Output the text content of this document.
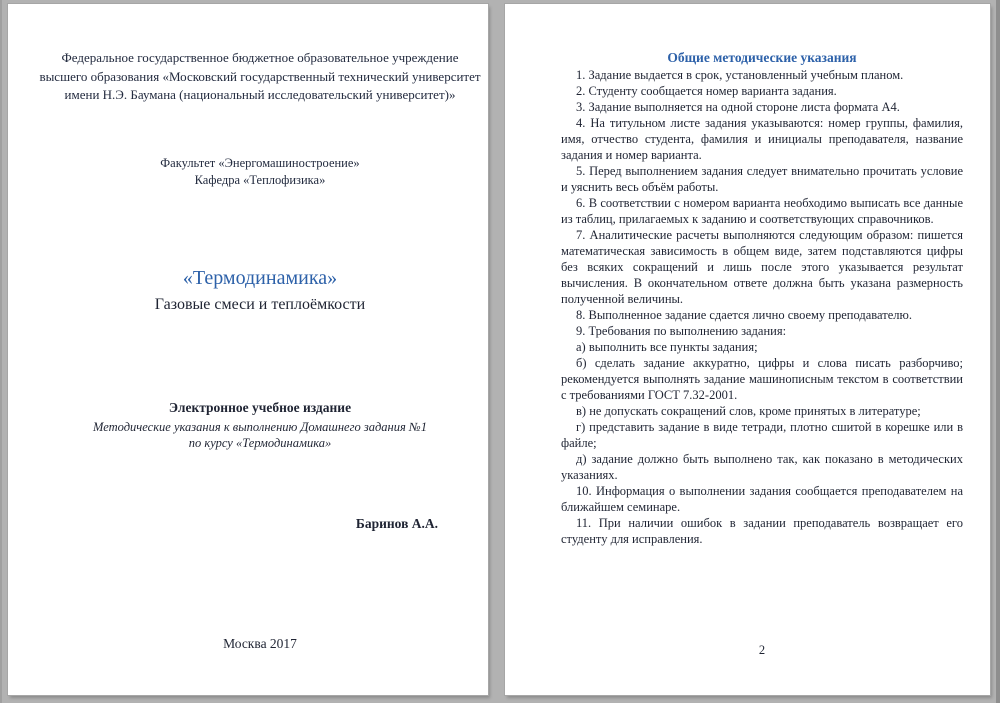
Федеральное государственное бюджетное образовательное учреждение
высшего образования «Московский государственный технический университет
имени Н.Э. Баумана (национальный исследовательский университет)»
Факультет «Энергомашиностроение»
Кафедра «Теплофизика»
«Термодинамика»
Газовые смеси и теплоёмкости
Электронное учебное издание
Методические указания к выполнению Домашнего задания №1
по курсу «Термодинамика»
Баринов А.А.
Москва 2017
Общие методические указания

1. Задание выдается в срок, установленный учебным планом.

2. Студенту сообщается номер варианта задания.

3. Задание выполняется на одной стороне листа формата А4.

4. На титульном листе задания указываются: номер группы, фамилия, имя, отчество студента, фамилия и инициалы преподавателя, название задания и номер варианта.

5. Перед выполнением задания следует внимательно прочитать условие и уяснить весь объём работы.

6. В соответствии с номером варианта необходимо выписать все данные из таблиц, прилагаемых к заданию и соответствующих справочников.

7. Аналитические расчеты выполняются следующим образом: пишется математическая зависимость в общем виде, затем подставляются цифры без всяких сокращений и лишь после этого указывается результат вычисления. В окончательном ответе должна быть указана размерность полученной величины.

8. Выполненное задание сдается лично своему преподавателю.

9. Требования по выполнению задания:

а) выполнить все пункты задания;

б) сделать задание аккуратно, цифры и слова писать разборчиво; рекомендуется выполнять задание машинописным текстом в соответствии с требованиями ГОСТ 7.32-2001.

в) не допускать сокращений слов, кроме принятых в литературе;

г) представить задание в виде тетради, плотно сшитой в корешке или в файле;

д) задание должно быть выполнено так, как показано в методических указаниях.

10. Информация о выполнении задания сообщается преподавателем на ближайшем семинаре.

11. При наличии ошибок в задании преподаватель возвращает его студенту для исправления.

2
